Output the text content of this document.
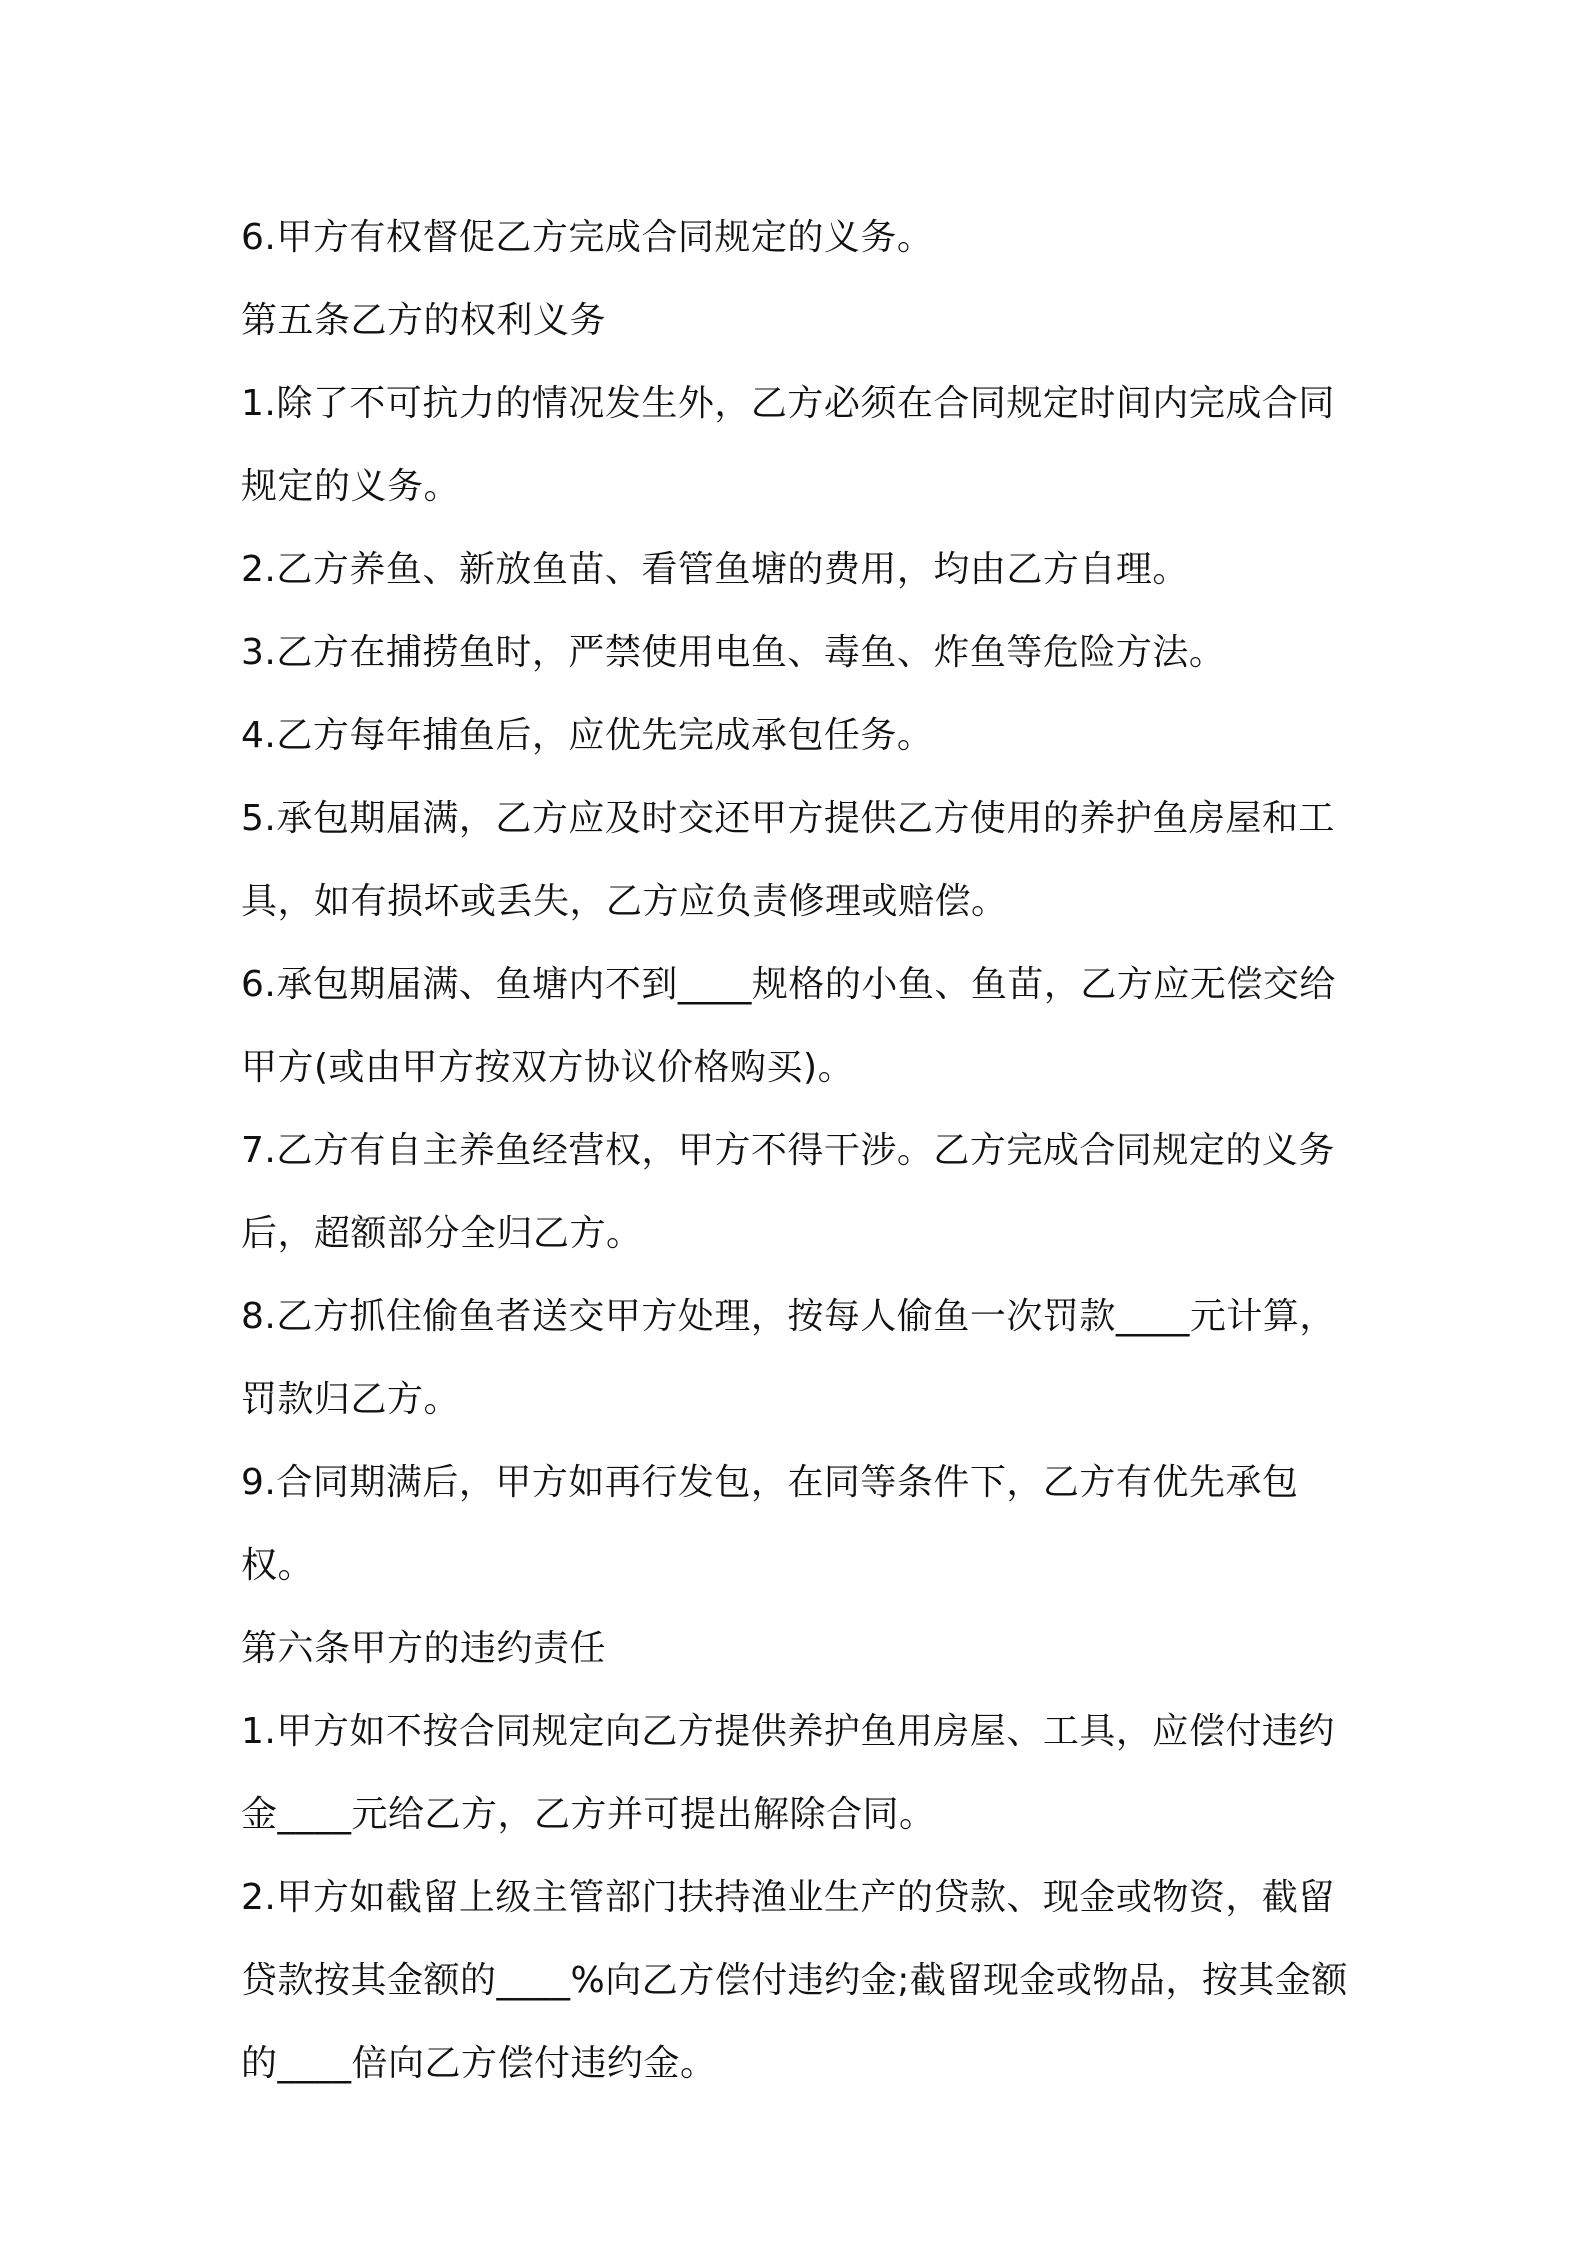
6.甲方有权督促乙方完成合同规定的义务。

第五条乙方的权利义务

1.除了不可抗力的情况发生外，乙方必须在合同规定时间内完成合同规定的义务。

2.乙方养鱼、新放鱼苗、看管鱼塘的费用，均由乙方自理。

3.乙方在捕捞鱼时，严禁使用电鱼、毒鱼、炸鱼等危险方法。

4.乙方每年捕鱼后，应优先完成承包任务。

5.承包期届满，乙方应及时交还甲方提供乙方使用的养护鱼房屋和工具，如有损坏或丢失，乙方应负责修理或赔偿。

6.承包期届满、鱼塘内不到____规格的小鱼、鱼苗，乙方应无偿交给甲方(或由甲方按双方协议价格购买)。

7.乙方有自主养鱼经营权，甲方不得干涉。乙方完成合同规定的义务后，超额部分全归乙方。

8.乙方抓住偷鱼者送交甲方处理，按每人偷鱼一次罚款____元计算，罚款归乙方。

9.合同期满后，甲方如再行发包，在同等条件下，乙方有优先承包权。

第六条甲方的违约责任

1.甲方如不按合同规定向乙方提供养护鱼用房屋、工具，应偿付违约金____元给乙方，乙方并可提出解除合同。

2.甲方如截留上级主管部门扶持渔业生产的贷款、现金或物资，截留贷款按其金额的____%向乙方偿付违约金;截留现金或物品，按其金额的____倍向乙方偿付违约金。
